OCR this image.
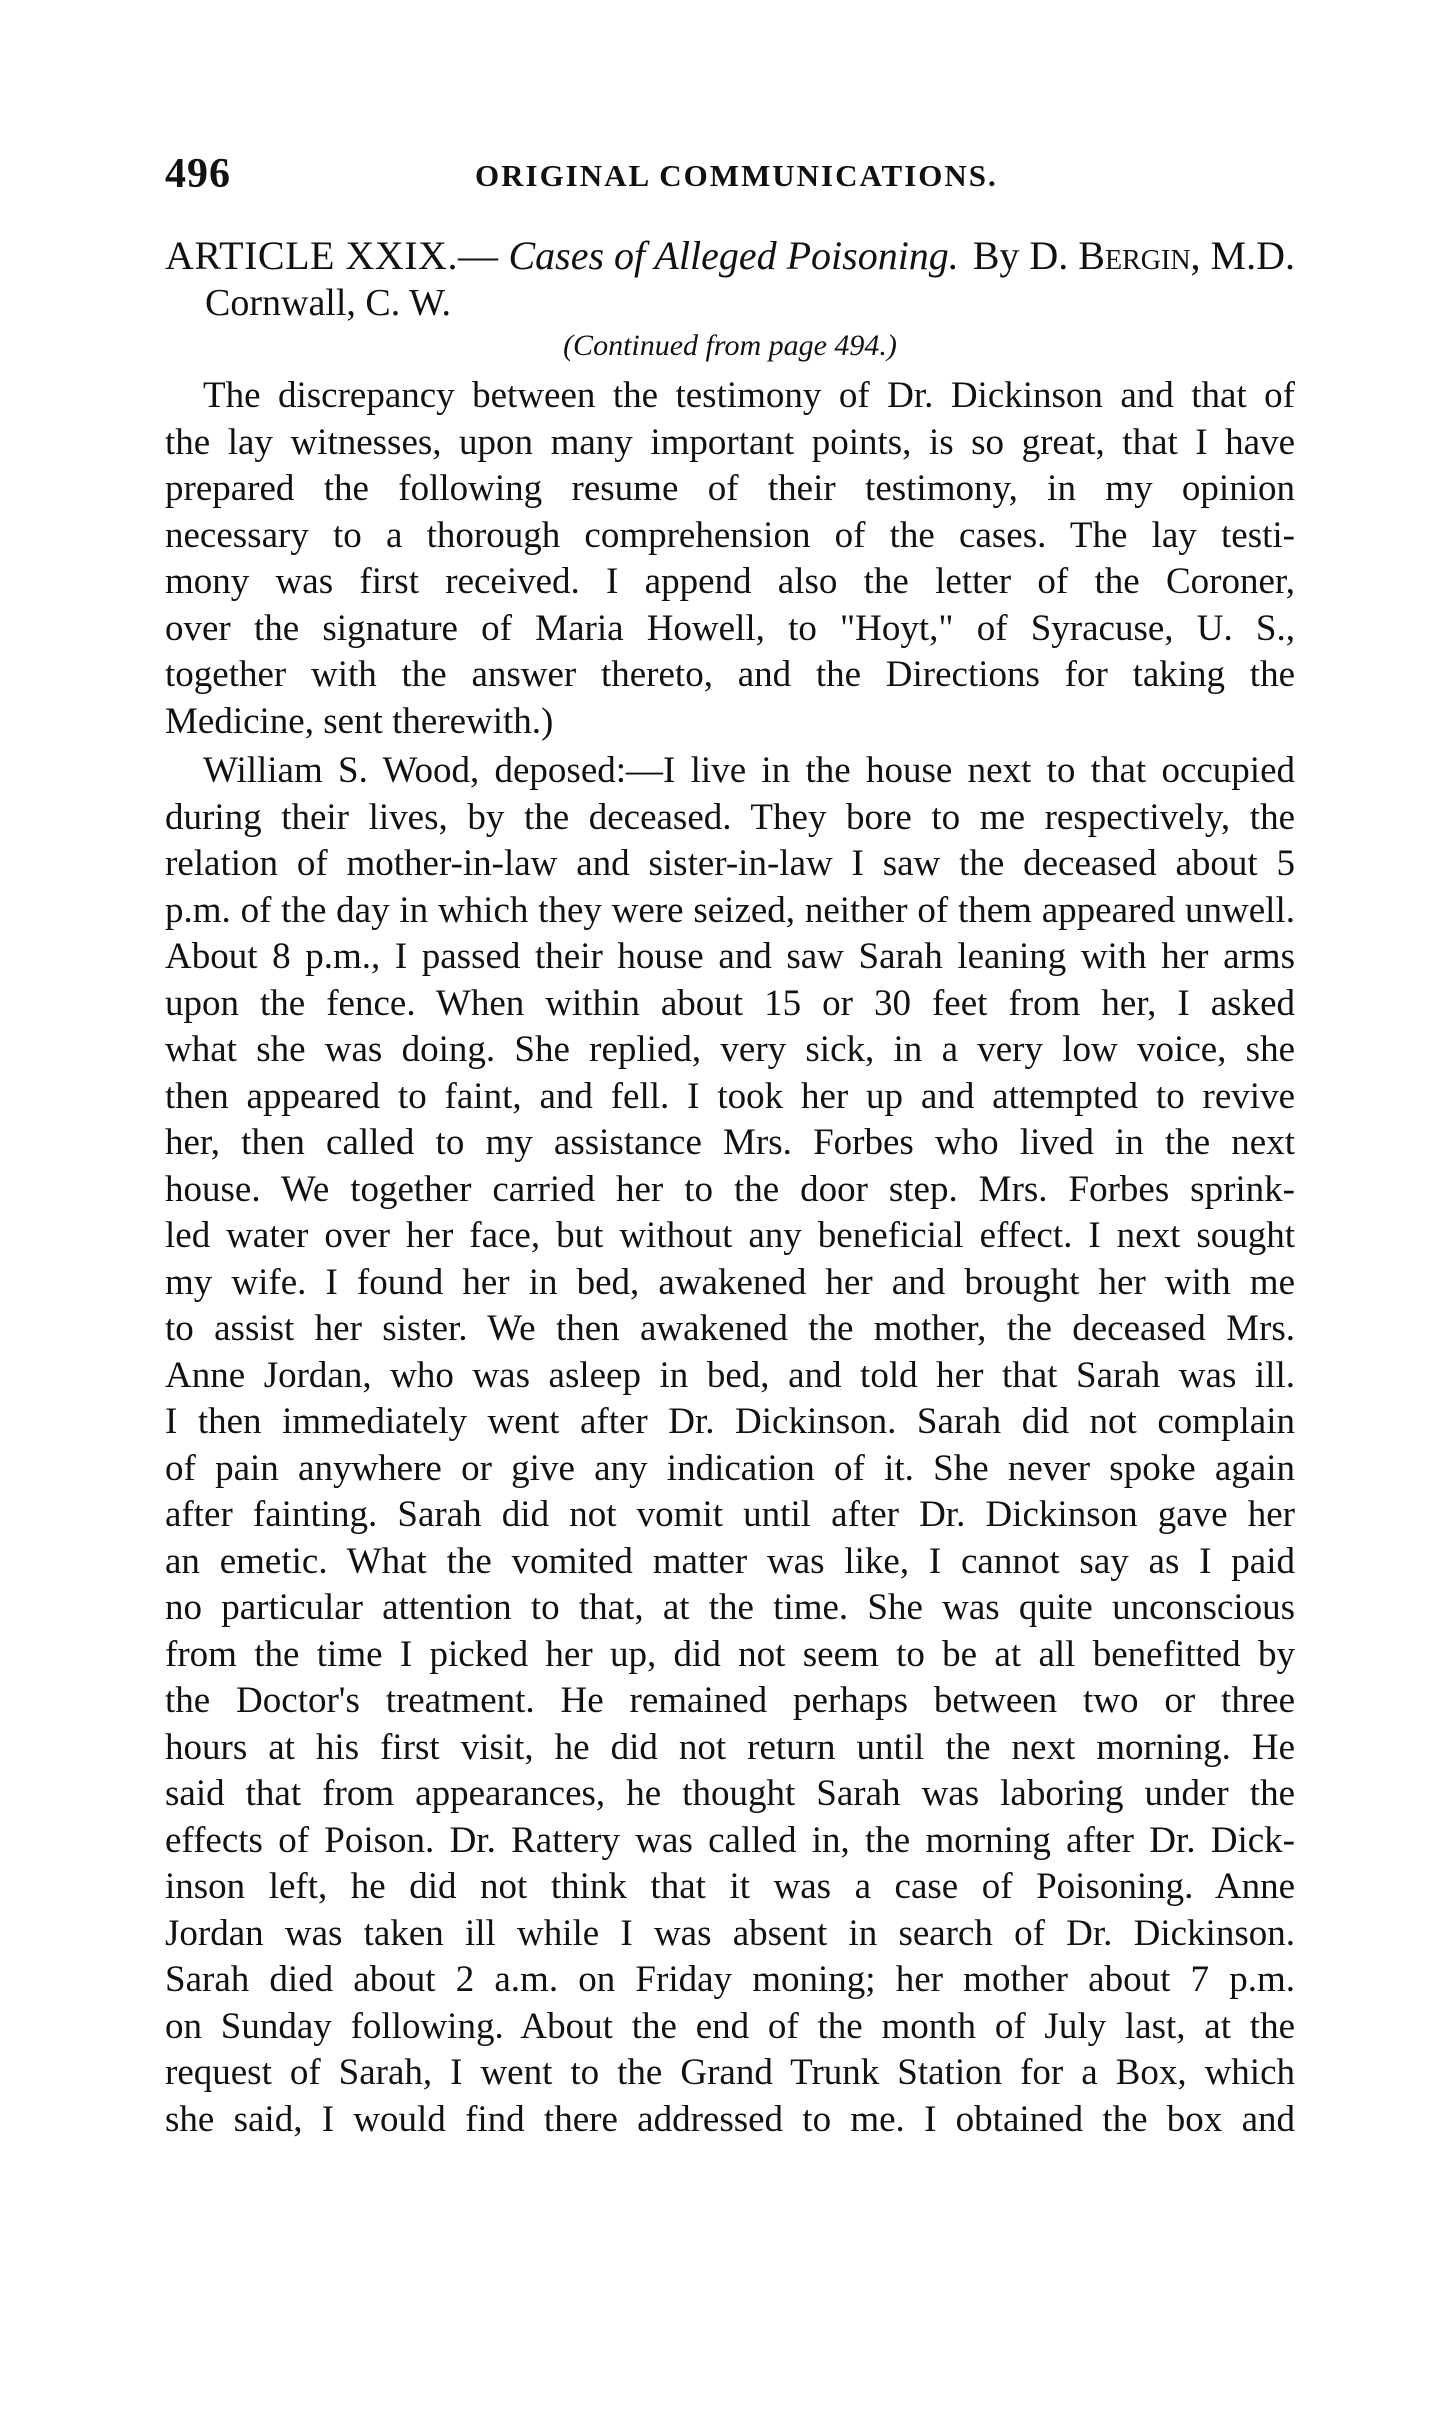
496	ORIGINAL COMMUNICATIONS.
ARTICLE XXIX.— Cases of Alleged Poisoning. By D. Bergin, M.D.
Cornwall, C. W.
(Continued from page 494.)
The discrepancy between the testimony of Dr. Dickinson and that of
the lay witnesses, upon many important points, is so great, that I have
prepared the following resume of their testimony, in my opinion
necessary to a thorough comprehension of the cases. The lay testi-
mony was first received. I append also the letter of the Coroner,
over the signature of Maria Howell, to "Hoyt," of Syracuse, U. S.,
together with the answer thereto, and the Directions for taking the
Medicine, sent therewith.)
William S. Wood, deposed:—I live in the house next to that occupied
during their lives, by the deceased. They bore to me respectively, the
relation of mother-in-law and sister-in-law I saw the deceased about 5
p.m. of the day in which they were seized, neither of them appeared unwell.
About 8 p.m., I passed their house and saw Sarah leaning with her arms
upon the fence. When within about 15 or 30 feet from her, I asked
what she was doing. She replied, very sick, in a very low voice, she
then appeared to faint, and fell. I took her up and attempted to revive
her, then called to my assistance Mrs. Forbes who lived in the next
house. We together carried her to the door step. Mrs. Forbes sprink-
led water over her face, but without any beneficial effect. I next sought
my wife. I found her in bed, awakened her and brought her with me
to assist her sister. We then awakened the mother, the deceased Mrs.
Anne Jordan, who was asleep in bed, and told her that Sarah was ill.
I then immediately went after Dr. Dickinson. Sarah did not complain
of pain anywhere or give any indication of it. She never spoke again
after fainting. Sarah did not vomit until after Dr. Dickinson gave her
an emetic. What the vomited matter was like, I cannot say as I paid
no particular attention to that, at the time. She was quite unconscious
from the time I picked her up, did not seem to be at all benefitted by
the Doctor's treatment. He remained perhaps between two or three
hours at his first visit, he did not return until the next morning. He
said that from appearances, he thought Sarah was laboring under the
effects of Poison. Dr. Rattery was called in, the morning after Dr. Dick-
inson left, he did not think that it was a case of Poisoning. Anne
Jordan was taken ill while I was absent in search of Dr. Dickinson.
Sarah died about 2 a.m. on Friday moning; her mother about 7 p.m.
on Sunday following. About the end of the month of July last, at the
request of Sarah, I went to the Grand Trunk Station for a Box, which
she said, I would find there addressed to me. I obtained the box and
